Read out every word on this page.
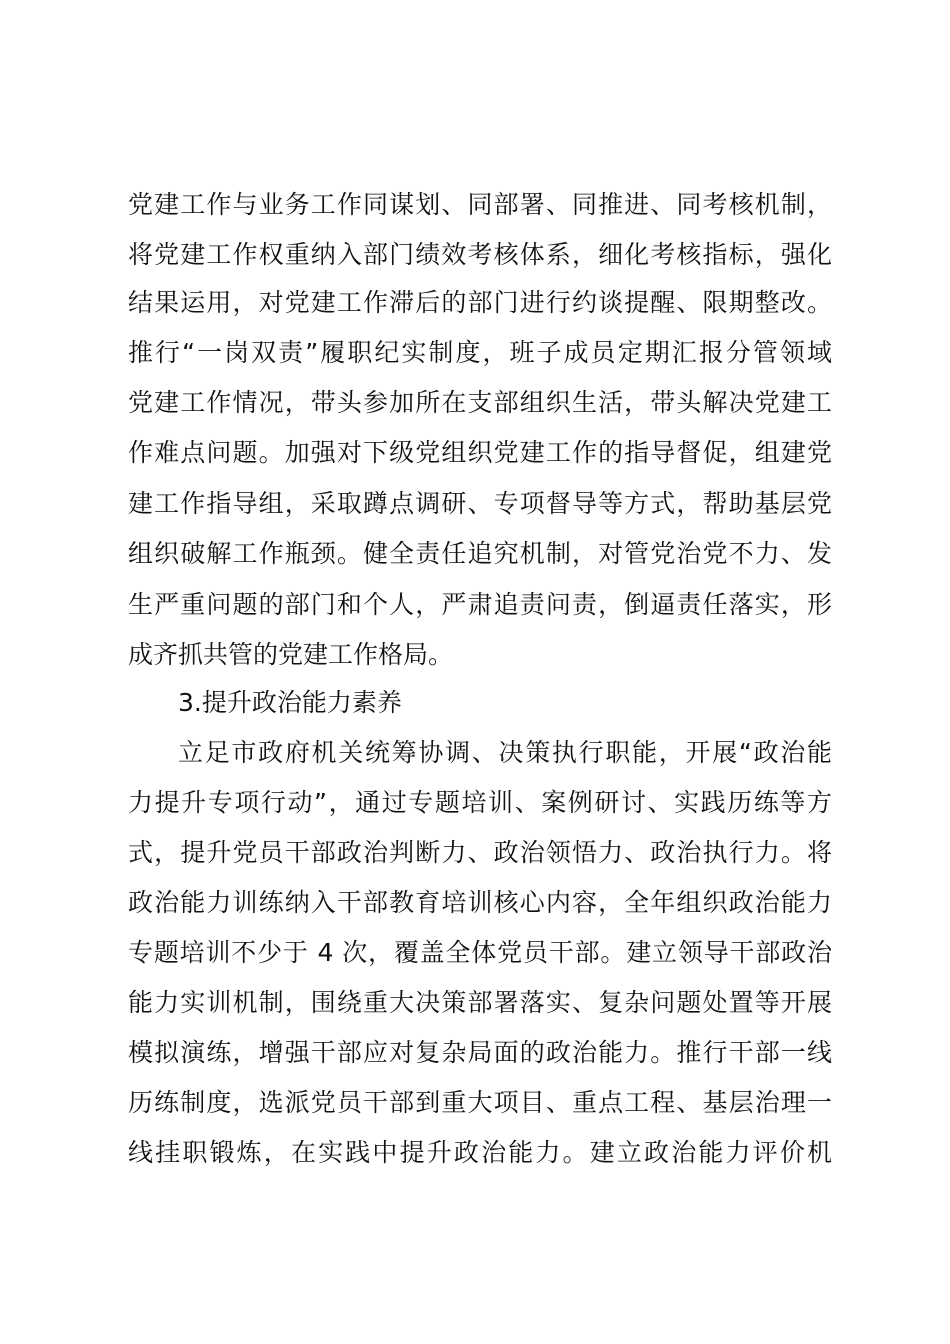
党建工作与业务工作同谋划、同部署、同推进、同考核机制，
将党建工作权重纳入部门绩效考核体系，细化考核指标，强化
结果运用，对党建工作滞后的部门进行约谈提醒、限期整改。
推行“一岗双责”履职纪实制度，班子成员定期汇报分管领域
党建工作情况，带头参加所在支部组织生活，带头解决党建工
作难点问题。加强对下级党组织党建工作的指导督促，组建党
建工作指导组，采取蹲点调研、专项督导等方式，帮助基层党
组织破解工作瓶颈。健全责任追究机制，对管党治党不力、发
生严重问题的部门和个人，严肃追责问责，倒逼责任落实，形
成齐抓共管的党建工作格局。
3.提升政治能力素养
立足市政府机关统筹协调、决策执行职能，开展“政治能
力提升专项行动”，通过专题培训、案例研讨、实践历练等方
式，提升党员干部政治判断力、政治领悟力、政治执行力。将
政治能力训练纳入干部教育培训核心内容，全年组织政治能力
专题培训不少于 4 次，覆盖全体党员干部。建立领导干部政治
能力实训机制，围绕重大决策部署落实、复杂问题处置等开展
模拟演练，增强干部应对复杂局面的政治能力。推行干部一线
历练制度，选派党员干部到重大项目、重点工程、基层治理一
线挂职锻炼，在实践中提升政治能力。建立政治能力评价机
